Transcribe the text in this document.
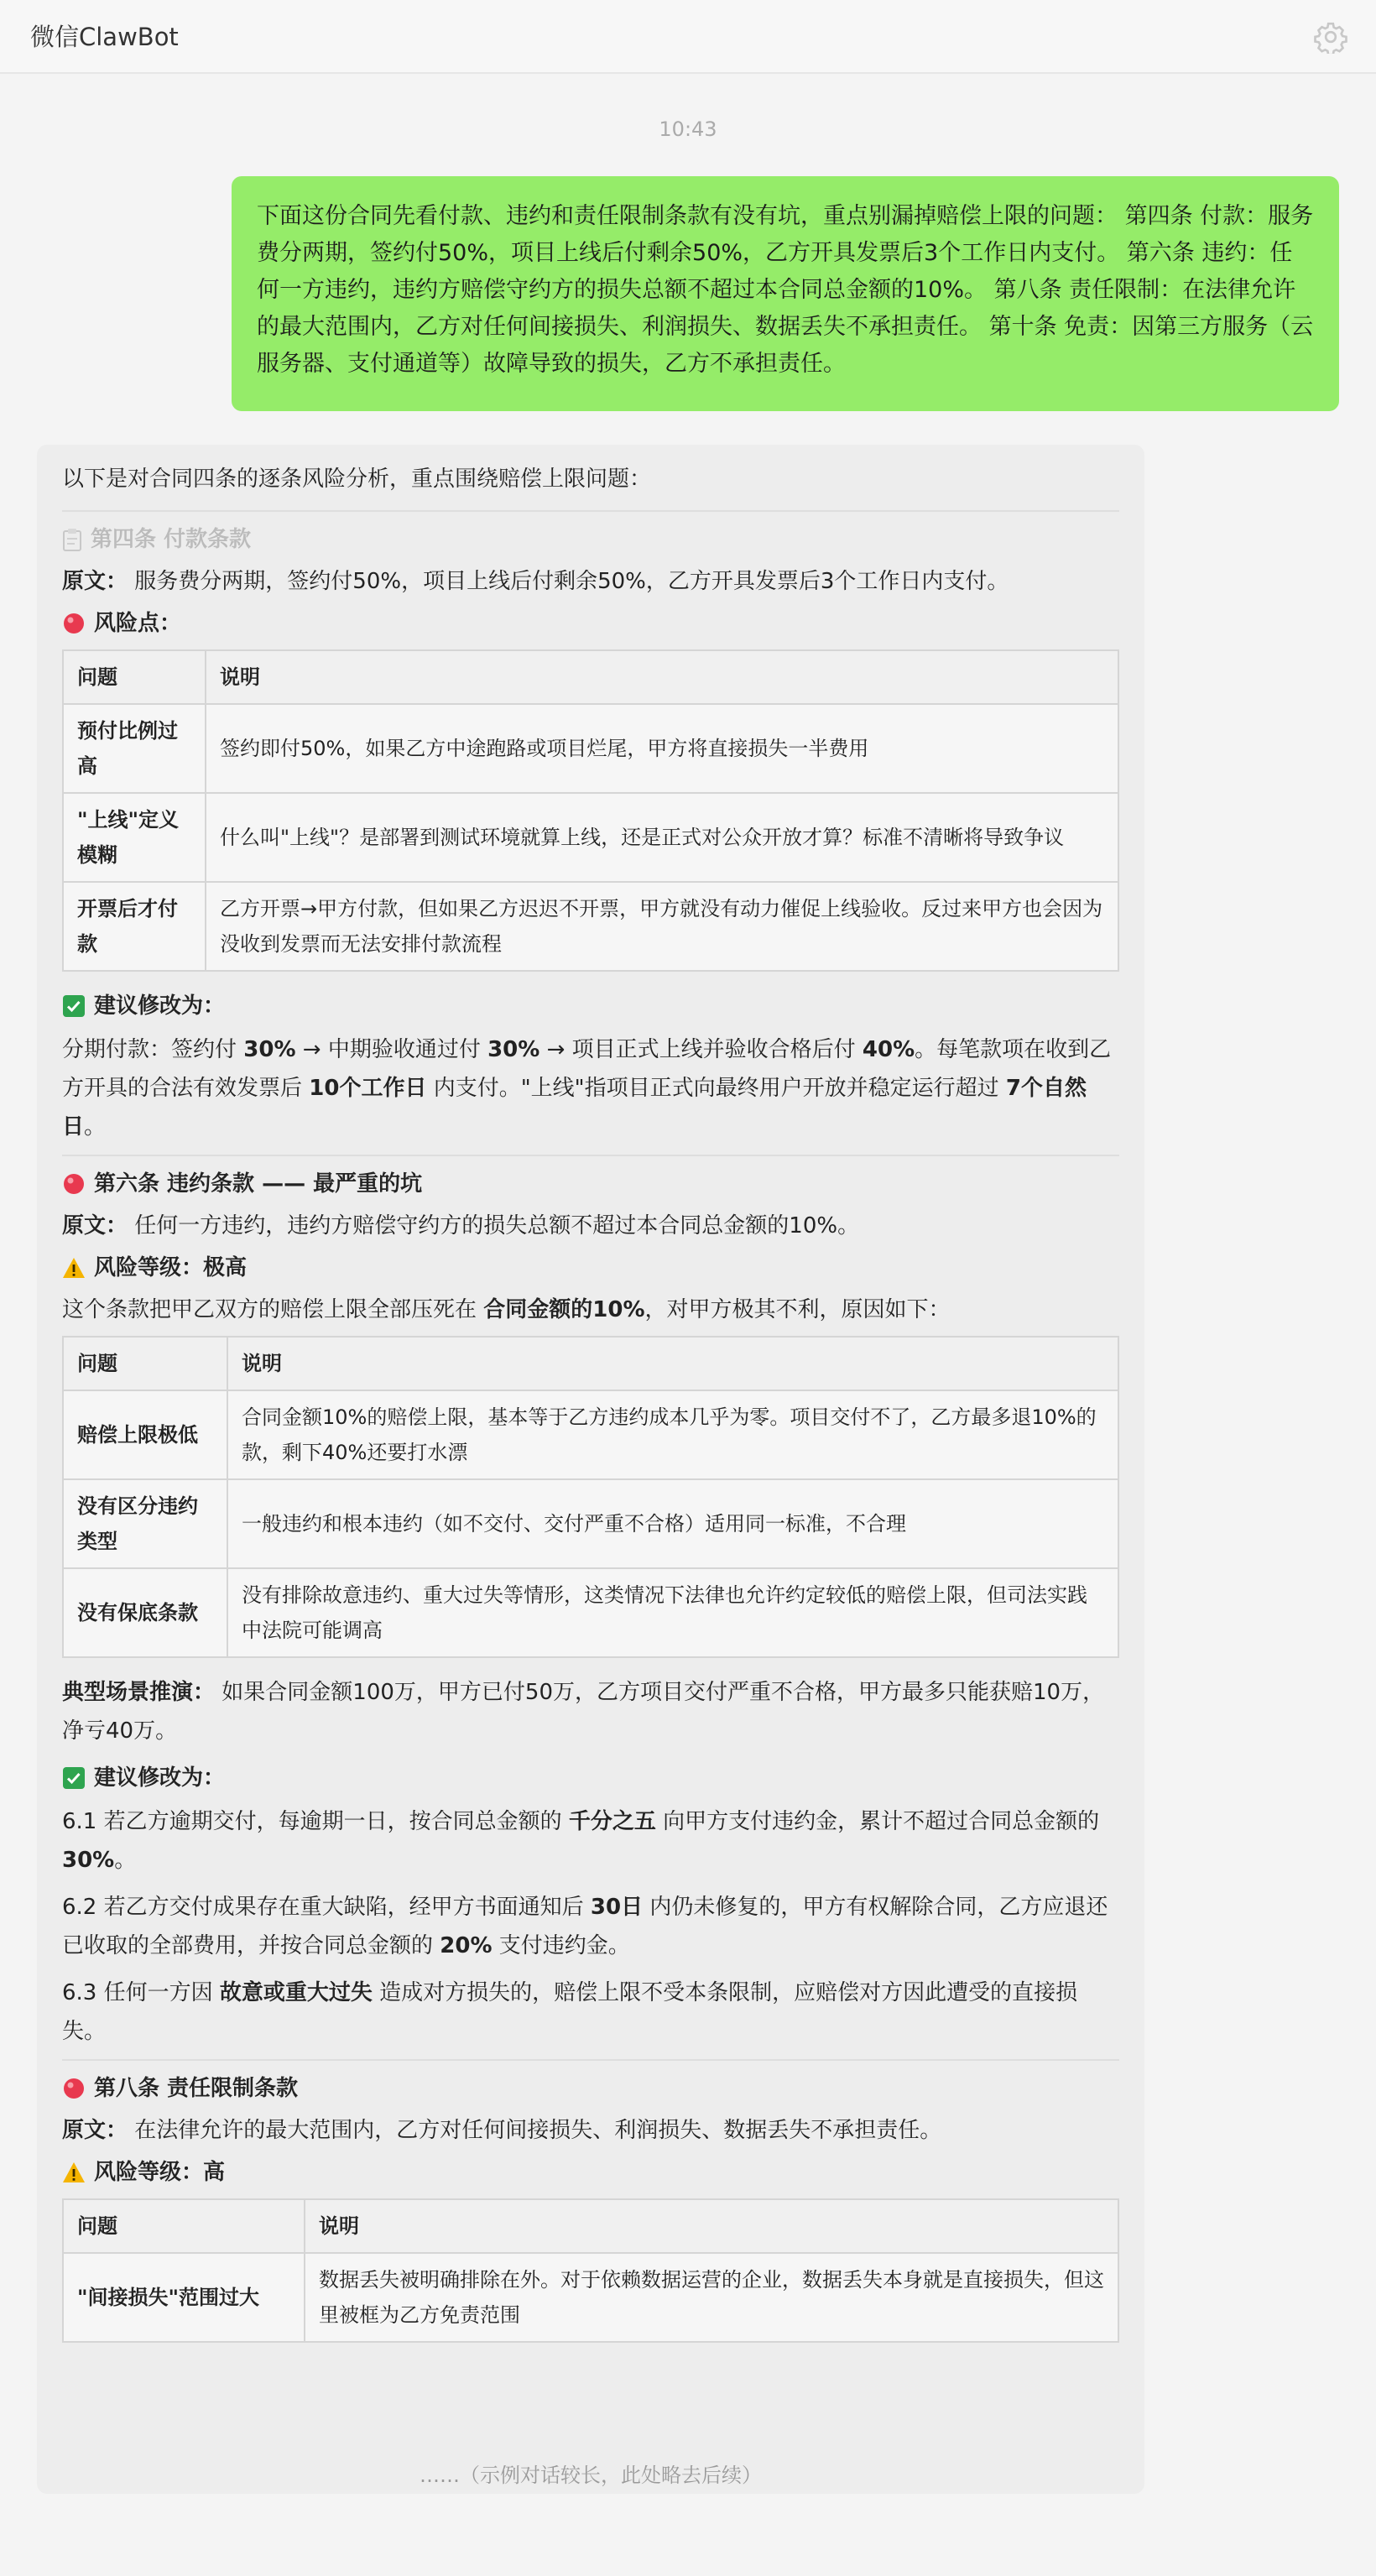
微信ClawBot
10:43
下面这份合同先看付款、违约和责任限制条款有没有坑，重点别漏掉赔偿上限的问题： 第四条 付款：服务费分两期，签约付50%，项目上线后付剩余50%，乙方开具发票后3个工作日内支付。 第六条 违约：任何一方违约，违约方赔偿守约方的损失总额不超过本合同总金额的10%。 第八条 责任限制：在法律允许的最大范围内，乙方对任何间接损失、利润损失、数据丢失不承担责任。 第十条 免责：因第三方服务（云服务器、支付通道等）故障导致的损失，乙方不承担责任。
以下是对合同四条的逐条风险分析，重点围绕赔偿上限问题：
第四条 付款条款
原文： 服务费分两期，签约付50%，项目上线后付剩余50%，乙方开具发票后3个工作日内支付。
风险点：
问题	说明
预付比例过高	签约即付50%，如果乙方中途跑路或项目烂尾，甲方将直接损失一半费用
"上线"定义模糊	什么叫"上线"？是部署到测试环境就算上线，还是正式对公众开放才算？标准不清晰将导致争议
开票后才付款	乙方开票→甲方付款，但如果乙方迟迟不开票，甲方就没有动力催促上线验收。反过来甲方也会因为没收到发票而无法安排付款流程
建议修改为：
分期付款：签约付 30% → 中期验收通过付 30% → 项目正式上线并验收合格后付 40%。每笔款项在收到乙方开具的合法有效发票后 10个工作日 内支付。"上线"指项目正式向最终用户开放并稳定运行超过 7个自然日。
第六条 违约条款 —— 最严重的坑
原文： 任何一方违约，违约方赔偿守约方的损失总额不超过本合同总金额的10%。
风险等级：极高
这个条款把甲乙双方的赔偿上限全部压死在 合同金额的10%，对甲方极其不利，原因如下：
问题	说明
赔偿上限极低	合同金额10%的赔偿上限，基本等于乙方违约成本几乎为零。项目交付不了，乙方最多退10%的款，剩下40%还要打水漂
没有区分违约类型	一般违约和根本违约（如不交付、交付严重不合格）适用同一标准，不合理
没有保底条款	没有排除故意违约、重大过失等情形，这类情况下法律也允许约定较低的赔偿上限，但司法实践中法院可能调高
典型场景推演： 如果合同金额100万，甲方已付50万，乙方项目交付严重不合格，甲方最多只能获赔10万，净亏40万。
建议修改为：
6.1 若乙方逾期交付，每逾期一日，按合同总金额的 千分之五 向甲方支付违约金，累计不超过合同总金额的 30%。
6.2 若乙方交付成果存在重大缺陷，经甲方书面通知后 30日 内仍未修复的，甲方有权解除合同，乙方应退还已收取的全部费用，并按合同总金额的 20% 支付违约金。
6.3 任何一方因 故意或重大过失 造成对方损失的，赔偿上限不受本条限制，应赔偿对方因此遭受的直接损失。
第八条 责任限制条款
原文： 在法律允许的最大范围内，乙方对任何间接损失、利润损失、数据丢失不承担责任。
风险等级：高
问题	说明
"间接损失"范围过大	数据丢失被明确排除在外。对于依赖数据运营的企业，数据丢失本身就是直接损失，但这里被框为乙方免责范围
……（示例对话较长，此处略去后续）
